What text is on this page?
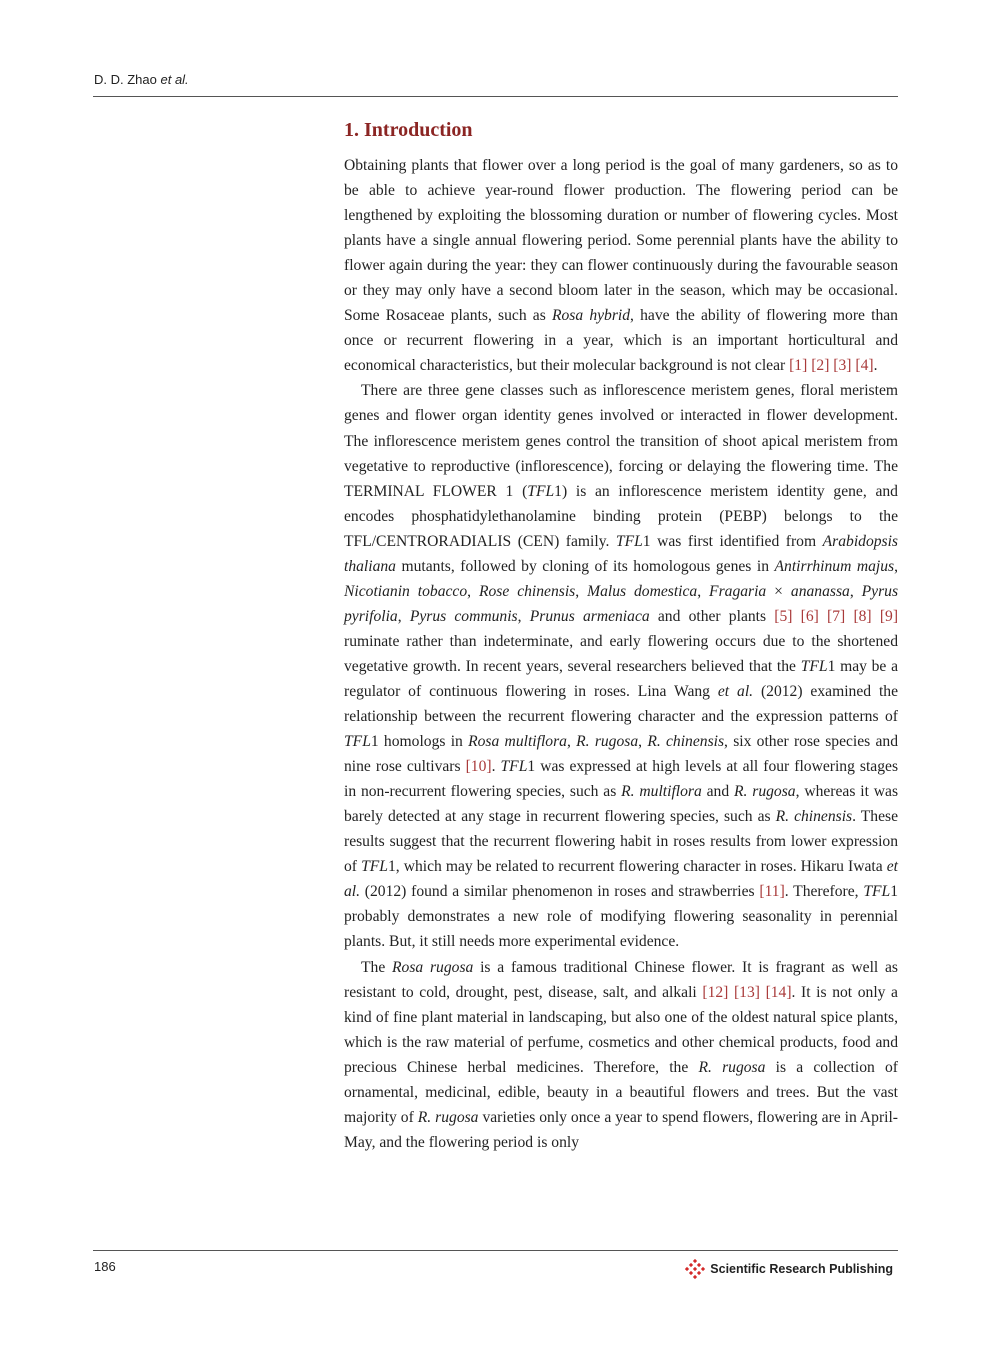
D. D. Zhao et al.
1. Introduction

Obtaining plants that flower over a long period is the goal of many gardeners, so as to be able to achieve year-round flower production. The flowering period can be lengthened by exploiting the blossoming duration or number of flowering cycles. Most plants have a single annual flowering period. Some perennial plants have the ability to flower again during the year: they can flower continuously during the favourable season or they may only have a second bloom later in the season, which may be occasional. Some Rosaceae plants, such as Rosa hybrid, have the ability of flowering more than once or recurrent flowering in a year, which is an important horticultural and economical characteristics, but their molecular background is not clear [1] [2] [3] [4].

There are three gene classes such as inflorescence meristem genes, floral meristem genes and flower organ identity genes involved or interacted in flower development. The inflorescence meristem genes control the transition of shoot apical meristem from vegetative to reproductive (inflorescence), forcing or delaying the flowering time. The TERMINAL FLOWER 1 (TFL1) is an inflorescence meristem identity gene, and encodes phosphatidylethanolamine binding protein (PEBP) belongs to the TFL/CENTRORADIALIS (CEN) family. TFL1 was first identified from Arabidopsis thaliana mutants, followed by cloning of its homologous genes in Antirrhinum majus, Nicotianin tobacco, Rose chinensis, Malus domestica, Fragaria × ananassa, Pyrus pyrifolia, Pyrus communis, Prunus armeniaca and other plants [5] [6] [7] [8] [9] ruminate rather than indeterminate, and early flowering occurs due to the shortened vegetative growth. In recent years, several researchers believed that the TFL1 may be a regulator of continuous flowering in roses. Lina Wang et al. (2012) examined the relationship between the recurrent flowering character and the expression patterns of TFL1 homologs in Rosa multiflora, R. rugosa, R. chinensis, six other rose species and nine rose cultivars [10]. TFL1 was expressed at high levels at all four flowering stages in non-recurrent flowering species, such as R. multiflora and R. rugosa, whereas it was barely detected at any stage in recurrent flowering species, such as R. chinensis. These results suggest that the recurrent flowering habit in roses results from lower expression of TFL1, which may be related to recurrent flowering character in roses. Hikaru Iwata et al. (2012) found a similar phenomenon in roses and strawberries [11]. Therefore, TFL1 probably demonstrates a new role of modifying flowering seasonality in perennial plants. But, it still needs more experimental evidence.

The Rosa rugosa is a famous traditional Chinese flower. It is fragrant as well as resistant to cold, drought, pest, disease, salt, and alkali [12] [13] [14]. It is not only a kind of fine plant material in landscaping, but also one of the oldest natural spice plants, which is the raw material of perfume, cosmetics and other chemical products, food and precious Chinese herbal medicines. Therefore, the R. rugosa is a collection of ornamental, medicinal, edible, beauty in a beautiful flowers and trees. But the vast majority of R. rugosa varieties only once a year to spend flowers, flowering are in April-May, and the flowering period is only

186	Scientific Research Publishing
